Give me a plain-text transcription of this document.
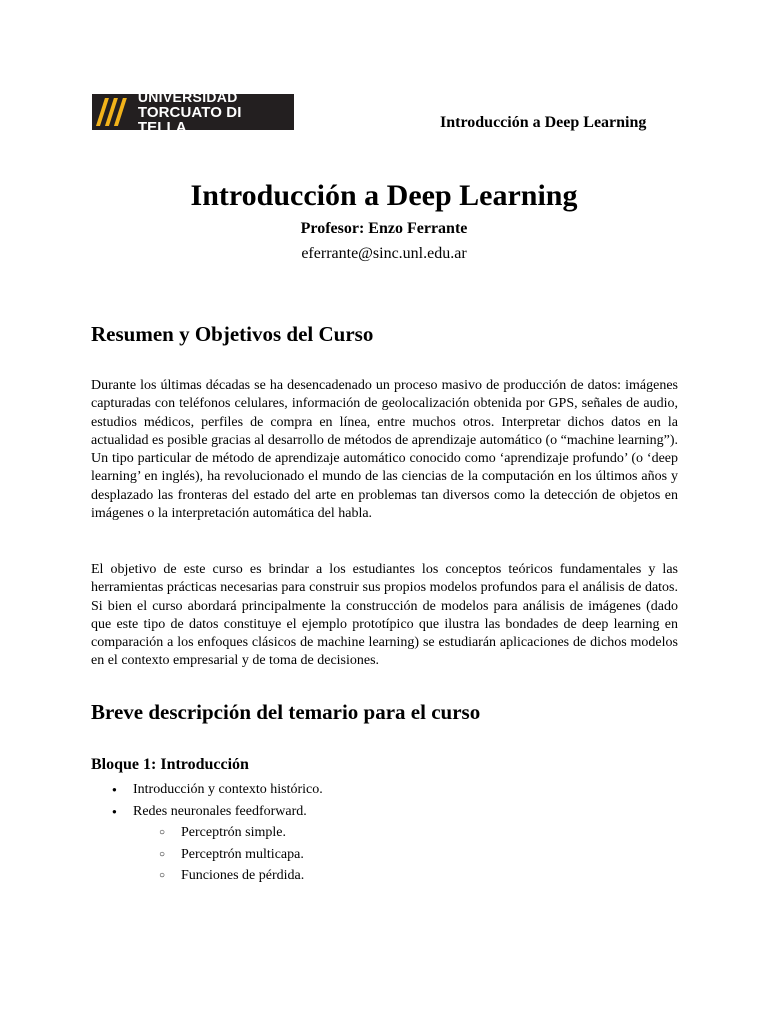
UNIVERSIDAD
TORCUATO DI TELLA	Introducción a Deep Learning
Introducción a Deep Learning
Profesor: Enzo Ferrante
eferrante@sinc.unl.edu.ar
Resumen y Objetivos del Curso

Durante los últimas décadas se ha desencadenado un proceso masivo de producción de datos: imágenes capturadas con teléfonos celulares, información de geolocalización obtenida por GPS, señales de audio, estudios médicos, perfiles de compra en línea, entre muchos otros. Interpretar dichos datos en la actualidad es posible gracias al desarrollo de métodos de aprendizaje automático (o “machine learning”). Un tipo particular de método de aprendizaje automático conocido como ‘aprendizaje profundo’ (o ‘deep learning’ en inglés), ha revolucionado el mundo de las ciencias de la computación en los últimos años y desplazado las fronteras del estado del arte en problemas tan diversos como la detección de objetos en imágenes o la interpretación automática del habla.

El objetivo de este curso es brindar a los estudiantes los conceptos teóricos fundamentales y las herramientas prácticas necesarias para construir sus propios modelos profundos para el análisis de datos. Si bien el curso abordará principalmente la construcción de modelos para análisis de imágenes (dado que este tipo de datos constituye el ejemplo prototípico que ilustra las bondades de deep learning en comparación a los enfoques clásicos de machine learning) se estudiarán aplicaciones de dichos modelos en el contexto empresarial y de toma de decisiones.

Breve descripción del temario para el curso
Bloque 1: Introducción
● Introducción y contexto histórico.
● Redes neuronales feedforward.
○ Perceptrón simple.
○ Perceptrón multicapa.
○ Funciones de pérdida.
